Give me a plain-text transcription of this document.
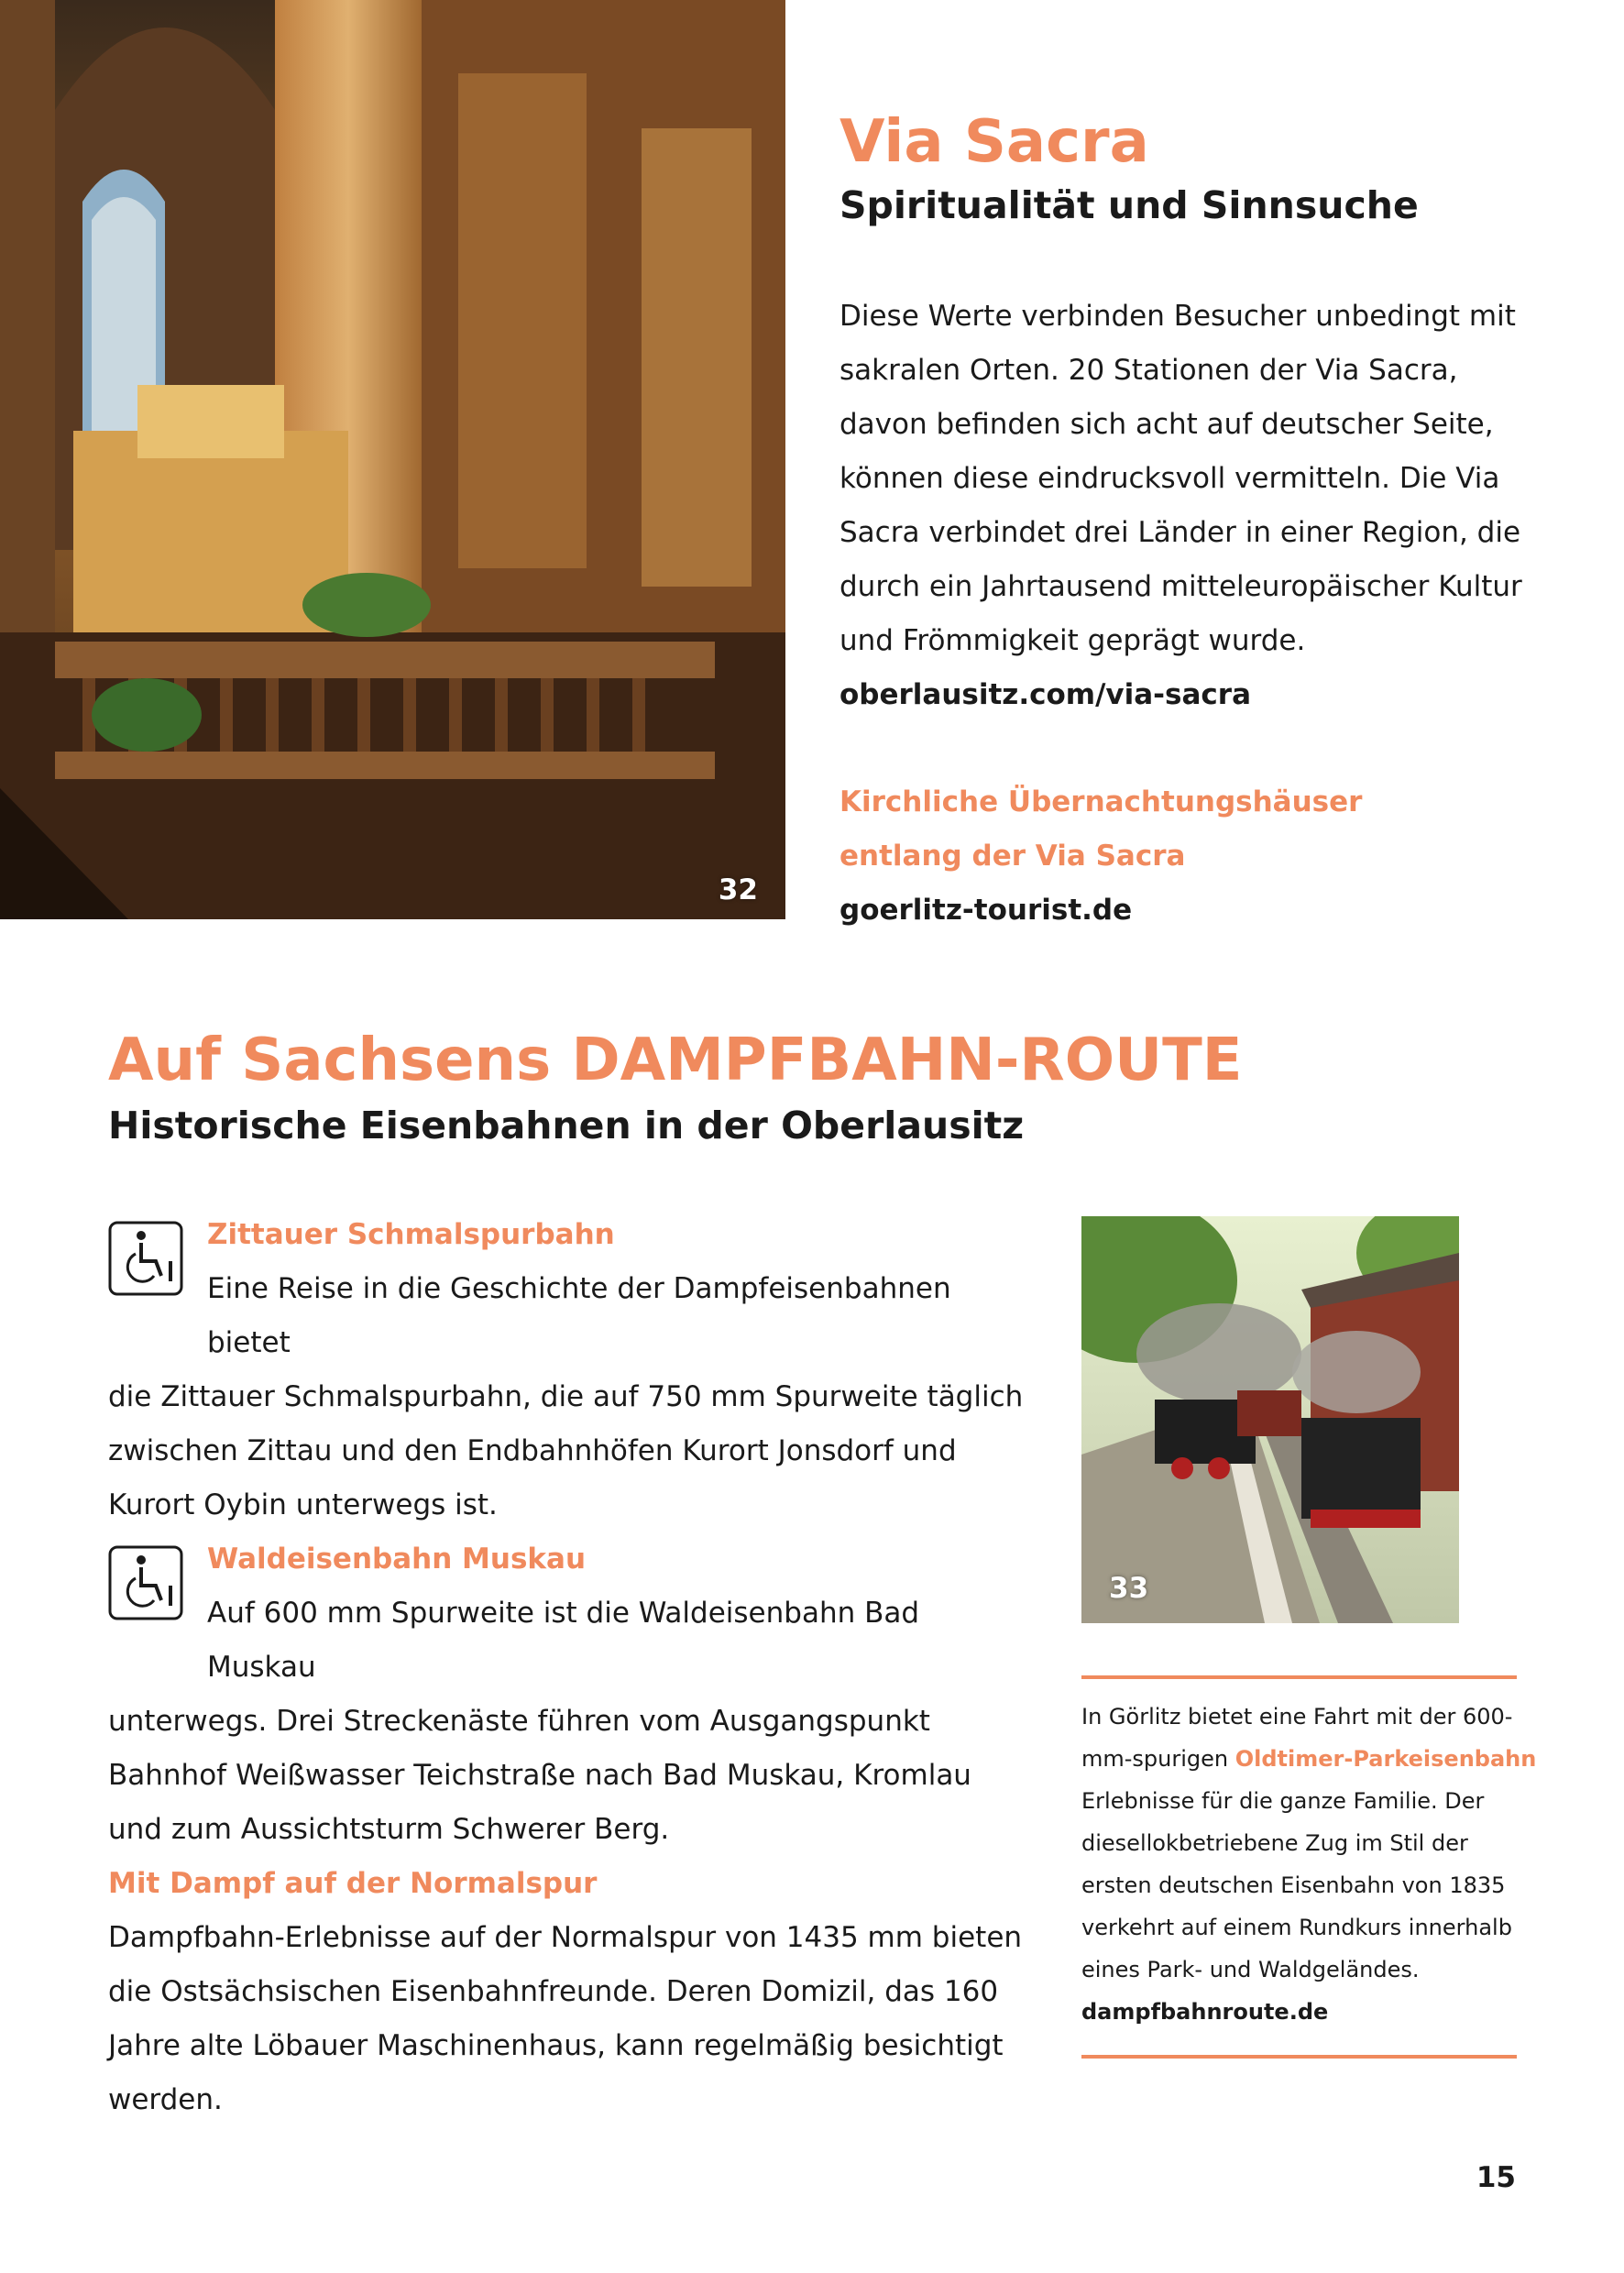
32
Via Sacra
Spiritualität und Sinnsuche
Diese Werte verbinden Besucher unbedingt mit sakralen Orten. 20 Stationen der Via Sacra, davon befinden sich acht auf deutscher Seite, können diese eindrucksvoll vermitteln. Die Via Sacra verbindet drei Länder in einer Region, die durch ein Jahrtausend mitteleuropäischer Kultur und Frömmigkeit geprägt wurde.
oberlausitz.com/via-sacra
Kirchliche Übernachtungshäuser entlang der Via Sacra
goerlitz-tourist.de
Auf Sachsens DAMPFBAHN-ROUTE
Historische Eisenbahnen in der Oberlausitz
Zittauer Schmalspurbahn
Eine Reise in die Geschichte der Dampfeisenbahnen bietet
die Zittauer Schmalspurbahn, die auf 750 mm Spurweite täglich zwischen Zittau und den Endbahnhöfen Kurort Jonsdorf und Kurort Oybin unterwegs ist.
Waldeisenbahn Muskau
Auf 600 mm Spurweite ist die Waldeisenbahn Bad Muskau
unterwegs. Drei Streckenäste führen vom Ausgangspunkt Bahnhof Weißwasser Teichstraße nach Bad Muskau, Kromlau und zum Aussichtsturm Schwerer Berg.
Mit Dampf auf der Normalspur
Dampfbahn-Erlebnisse auf der Normalspur von 1435 mm bieten die Ostsächsischen Eisenbahnfreunde. Deren Domizil, das 160 Jahre alte Löbauer Maschinenhaus, kann regelmäßig besichtigt werden.
33
In Görlitz bietet eine Fahrt mit der 600-mm-spurigen Oldtimer-Parkeisenbahn Erlebnisse für die ganze Familie. Der diesellokbetriebene Zug im Stil der ersten deutschen Eisenbahn von 1835 verkehrt auf einem Rundkurs innerhalb eines Park- und Waldgeländes.
dampfbahnroute.de
15
